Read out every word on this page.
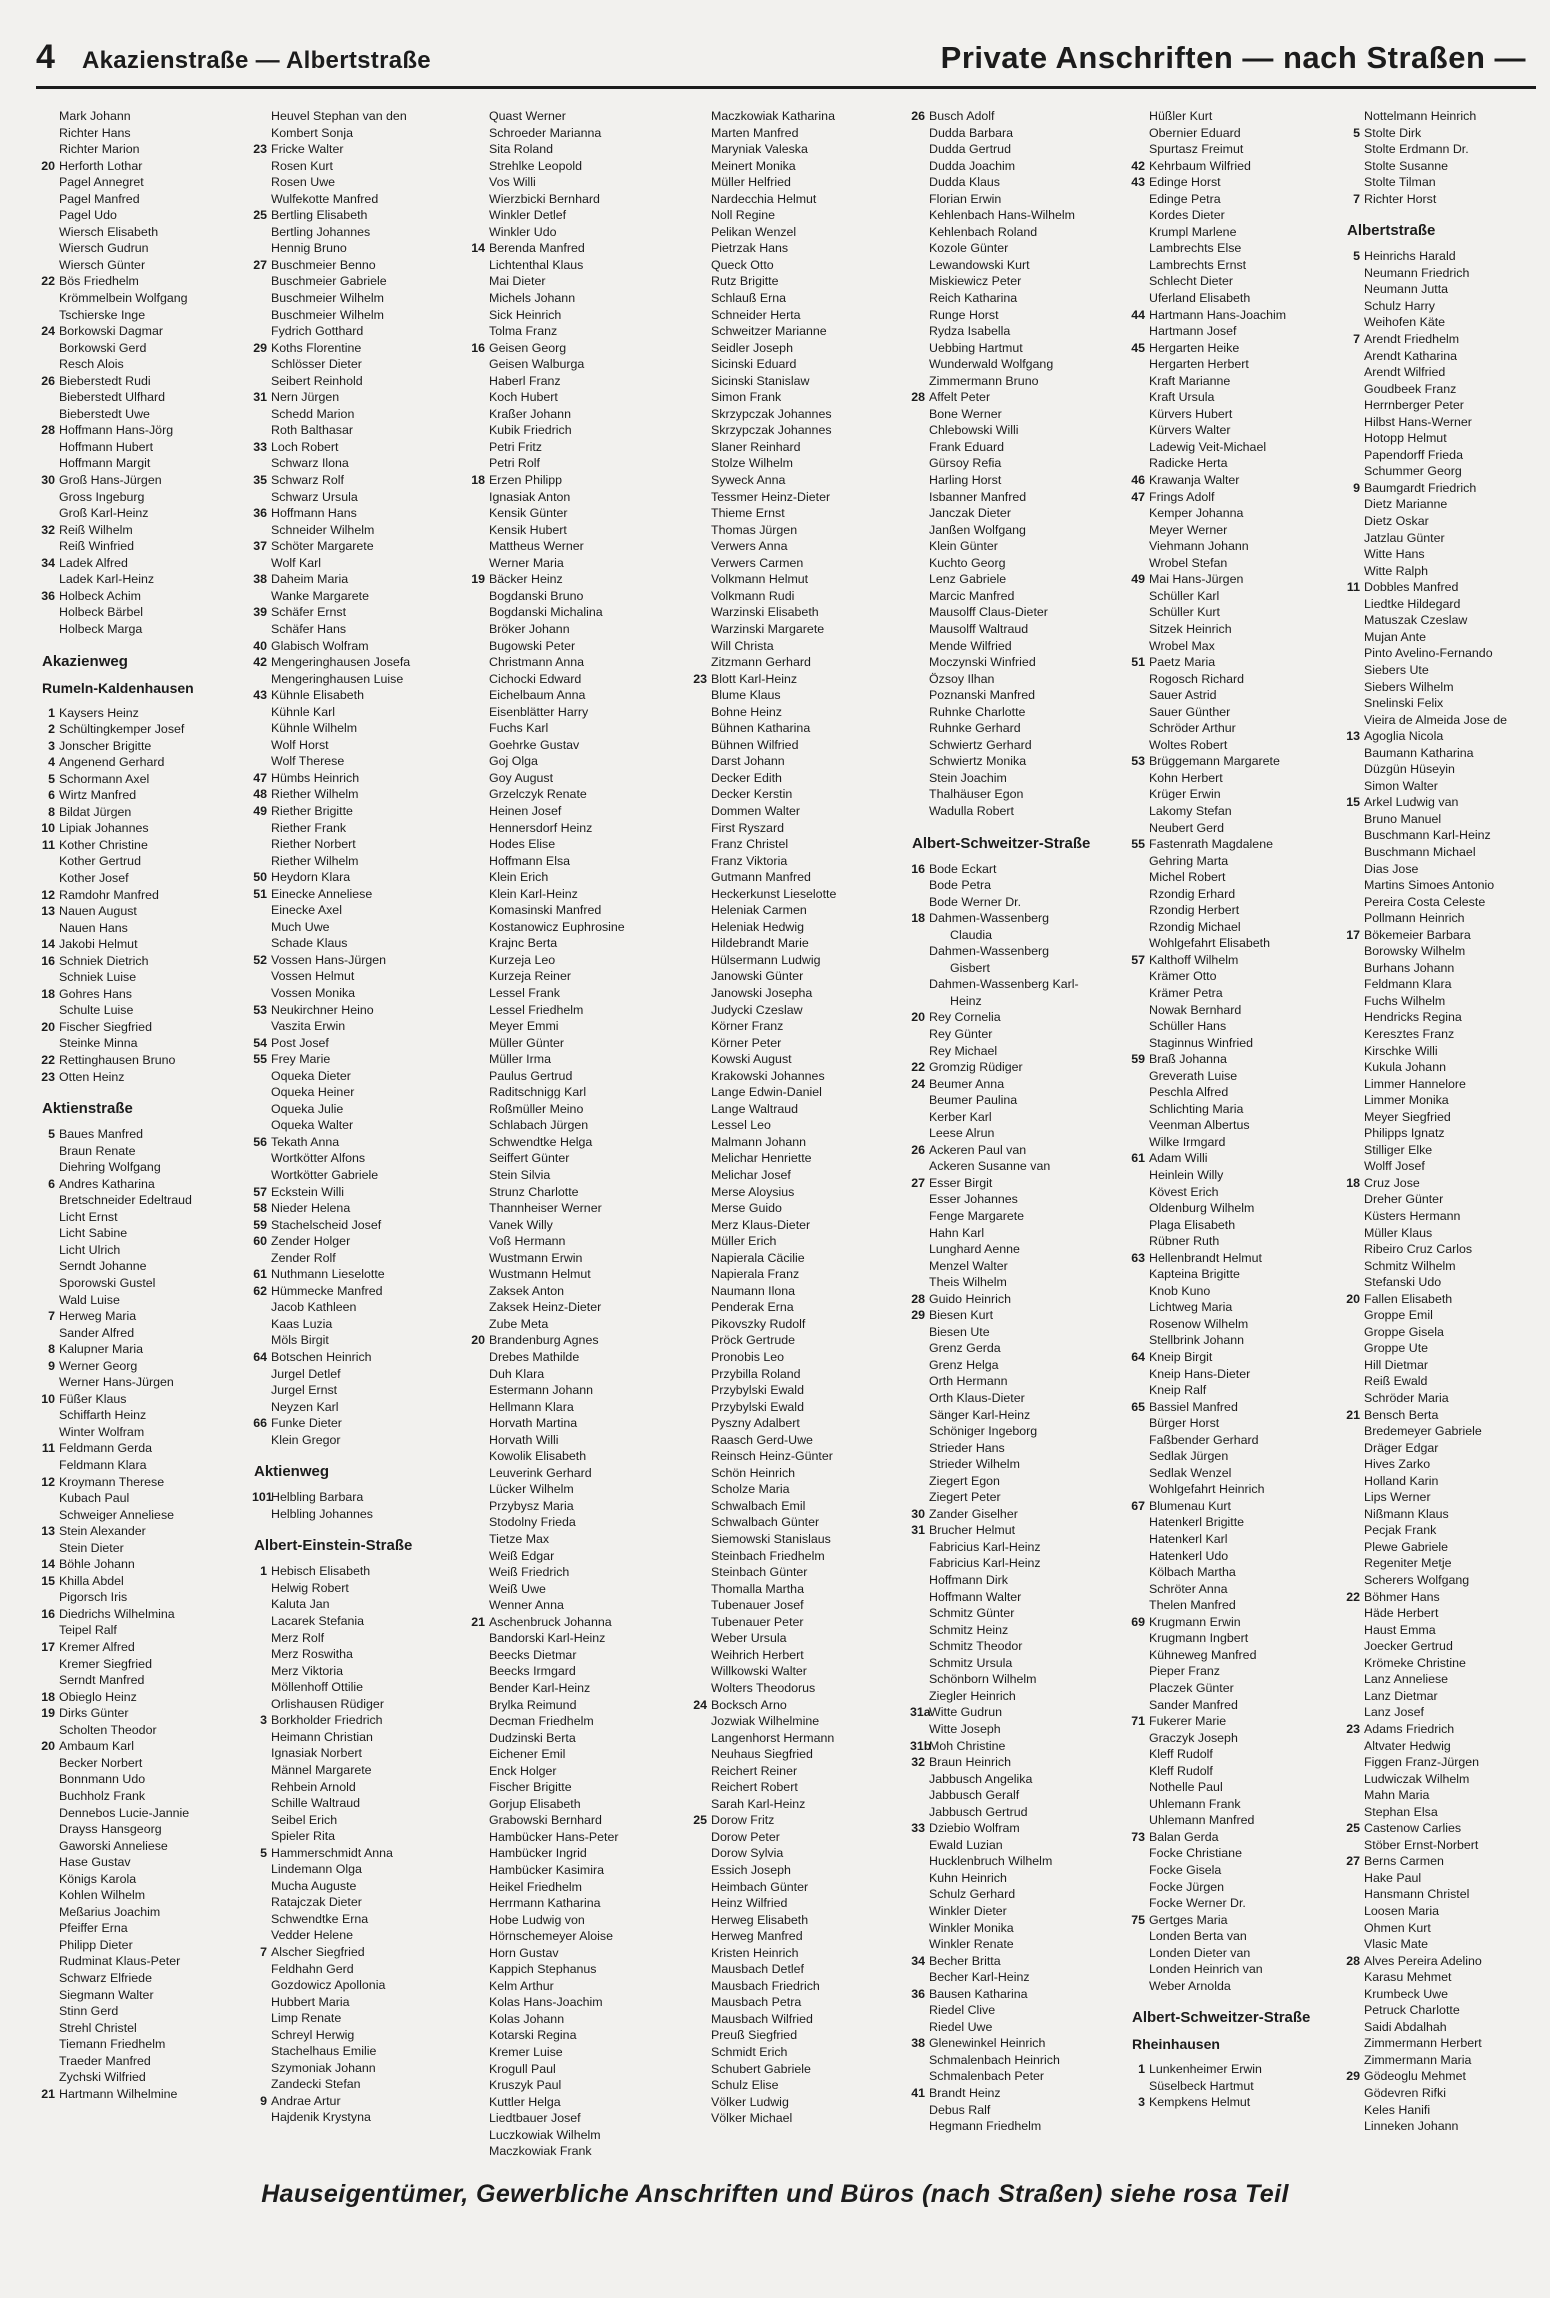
4 Akazienstraße — Albertstraße	Private Anschriften — nach Straßen —
Mark Johann
Richter Hans
Richter Marion
20 Herforth Lothar
Pagel Annegret
Pagel Manfred
Pagel Udo
Wiersch Elisabeth
Wiersch Gudrun
Wiersch Günter
22 Bös Friedhelm
Krömmelbein Wolfgang
Tschierske Inge
24 Borkowski Dagmar
Borkowski Gerd
Resch Alois
26 Bieberstedt Rudi
Bieberstedt Ulfhard
Bieberstedt Uwe
28 Hoffmann Hans-Jörg
Hoffmann Hubert
Hoffmann Margit
30 Groß Hans-Jürgen
Gross Ingeburg
Groß Karl-Heinz
32 Reiß Wilhelm
Reiß Winfried
34 Ladek Alfred
Ladek Karl-Heinz
36 Holbeck Achim
Holbeck Bärbel
Holbeck Marga
Akazienweg
Rumeln-Kaldenhausen
1 Kaysers Heinz
2 Schültingkemper Josef
3 Jonscher Brigitte
4 Angenend Gerhard
5 Schormann Axel
6 Wirtz Manfred
8 Bildat Jürgen
10 Lipiak Johannes
11 Kother Christine
Kother Gertrud
Kother Josef
12 Ramdohr Manfred
13 Nauen August
Nauen Hans
14 Jakobi Helmut
16 Schniek Dietrich
Schniek Luise
18 Gohres Hans
Schulte Luise
20 Fischer Siegfried
Steinke Minna
22 Rettinghausen Bruno
23 Otten Heinz
Aktienstraße
5 Baues Manfred
Braun Renate
Diehring Wolfgang
6 Andres Katharina
Bretschneider Edeltraud
Licht Ernst
Licht Sabine
Licht Ulrich
Serndt Johanne
Sporowski Gustel
Wald Luise
7 Herweg Maria
Sander Alfred
8 Kalupner Maria
9 Werner Georg
Werner Hans-Jürgen
10 Füßer Klaus
Schiffarth Heinz
Winter Wolfram
11 Feldmann Gerda
Feldmann Klara
12 Kroymann Therese
Kubach Paul
Schweiger Anneliese
13 Stein Alexander
Stein Dieter
14 Böhle Johann
15 Khilla Abdel
Pigorsch Iris
16 Diedrichs Wilhelmina
Teipel Ralf
17 Kremer Alfred
Kremer Siegfried
Serndt Manfred
18 Obieglo Heinz
19 Dirks Günter
Scholten Theodor
20 Ambaum Karl
Becker Norbert
Bonnmann Udo
Buchholz Frank
Dennebos Lucie-Jannie
Drayss Hansgeorg
Gaworski Anneliese
Hase Gustav
Königs Karola
Kohlen Wilhelm
Meßarius Joachim
Pfeiffer Erna
Philipp Dieter
Rudminat Klaus-Peter
Schwarz Elfriede
Siegmann Walter
Stinn Gerd
Strehl Christel
Tiemann Friedhelm
Traeder Manfred
Zychski Wilfried
21 Hartmann Wilhelmine
Heuvel Stephan van den
Kombert Sonja
23 Fricke Walter
Rosen Kurt
Rosen Uwe
Wulfekotte Manfred
25 Bertling Elisabeth
Bertling Johannes
Hennig Bruno
27 Buschmeier Benno
Buschmeier Gabriele
Buschmeier Wilhelm
Buschmeier Wilhelm
Fydrich Gotthard
29 Koths Florentine
Schlösser Dieter
Seibert Reinhold
31 Nern Jürgen
Schedd Marion
Roth Balthasar
33 Loch Robert
Schwarz Ilona
35 Schwarz Rolf
Schwarz Ursula
36 Hoffmann Hans
Schneider Wilhelm
37 Schöter Margarete
Wolf Karl
38 Daheim Maria
Wanke Margarete
39 Schäfer Ernst
Schäfer Hans
40 Glabisch Wolfram
42 Mengeringhausen Josefa
Mengeringhausen Luise
43 Kühnle Elisabeth
Kühnle Karl
Kühnle Wilhelm
Wolf Horst
Wolf Therese
47 Hümbs Heinrich
48 Riether Wilhelm
49 Riether Brigitte
Riether Frank
Riether Norbert
Riether Wilhelm
50 Heydorn Klara
51 Einecke Anneliese
Einecke Axel
Much Uwe
Schade Klaus
52 Vossen Hans-Jürgen
Vossen Helmut
Vossen Monika
53 Neukirchner Heino
Vaszita Erwin
54 Post Josef
55 Frey Marie
Oqueka Dieter
Oqueka Heiner
Oqueka Julie
Oqueka Walter
56 Tekath Anna
Wortkötter Alfons
Wortkötter Gabriele
57 Eckstein Willi
58 Nieder Helena
59 Stachelscheid Josef
60 Zender Holger
Zender Rolf
61 Nuthmann Lieselotte
62 Hümmecke Manfred
Jacob Kathleen
Kaas Luzia
Möls Birgit
64 Botschen Heinrich
Jurgel Detlef
Jurgel Ernst
Neyzen Karl
66 Funke Dieter
Klein Gregor
Aktienweg
101
Helbling Barbara
Helbling Johannes
Albert-Einstein-Straße
1 Hebisch Elisabeth
Helwig Robert
Kaluta Jan
Lacarek Stefania
Merz Rolf
Merz Roswitha
Merz Viktoria
Möllenhoff Ottilie
Orlishausen Rüdiger
3 Borkholder Friedrich
Heimann Christian
Ignasiak Norbert
Männel Margarete
Rehbein Arnold
Schille Waltraud
Seibel Erich
Spieler Rita
5 Hammerschmidt Anna
Lindemann Olga
Mucha Auguste
Ratajczak Dieter
Schwendtke Erna
Vedder Helene
7 Alscher Siegfried
Feldhahn Gerd
Gozdowicz Apollonia
Hubbert Maria
Limp Renate
Schreyl Herwig
Stachelhaus Emilie
Szymoniak Johann
Zandecki Stefan
9 Andrae Artur
Hajdenik Krystyna
Quast Werner
Schroeder Marianna
Sita Roland
Strehlke Leopold
Vos Willi
Wierzbicki Bernhard
Winkler Detlef
Winkler Udo
14 Berenda Manfred
Lichtenthal Klaus
Mai Dieter
Michels Johann
Sick Heinrich
Tolma Franz
16 Geisen Georg
Geisen Walburga
Haberl Franz
Koch Hubert
Kraßer Johann
Kubik Friedrich
Petri Fritz
Petri Rolf
18 Erzen Philipp
Ignasiak Anton
Kensik Günter
Kensik Hubert
Mattheus Werner
Werner Maria
19 Bäcker Heinz
Bogdanski Bruno
Bogdanski Michalina
Bröker Johann
Bugowski Peter
Christmann Anna
Cichocki Edward
Eichelbaum Anna
Eisenblätter Harry
Fuchs Karl
Goehrke Gustav
Goj Olga
Goy August
Grzelczyk Renate
Heinen Josef
Hennersdorf Heinz
Hodes Elise
Hoffmann Elsa
Klein Erich
Klein Karl-Heinz
Komasinski Manfred
Kostanowicz Euphrosine
Krajnc Berta
Kurzeja Leo
Kurzeja Reiner
Lessel Frank
Lessel Friedhelm
Meyer Emmi
Müller Günter
Müller Irma
Paulus Gertrud
Raditschnigg Karl
Roßmüller Meino
Schlabach Jürgen
Schwendtke Helga
Seiffert Günter
Stein Silvia
Strunz Charlotte
Thannheiser Werner
Vanek Willy
Voß Hermann
Wustmann Erwin
Wustmann Helmut
Zaksek Anton
Zaksek Heinz-Dieter
Zube Meta
20 Brandenburg Agnes
Drebes Mathilde
Duh Klara
Estermann Johann
Hellmann Klara
Horvath Martina
Horvath Willi
Kowolik Elisabeth
Leuverink Gerhard
Lücker Wilhelm
Przybysz Maria
Stodolny Frieda
Tietze Max
Weiß Edgar
Weiß Friedrich
Weiß Uwe
Wenner Anna
21 Aschenbruck Johanna
Bandorski Karl-Heinz
Beecks Dietmar
Beecks Irmgard
Bender Karl-Heinz
Brylka Reimund
Decman Friedhelm
Dudzinski Berta
Eichener Emil
Enck Holger
Fischer Brigitte
Gorjup Elisabeth
Grabowski Bernhard
Hambücker Hans-Peter
Hambücker Ingrid
Hambücker Kasimira
Heikel Friedhelm
Herrmann Katharina
Hobe Ludwig von
Hörnschemeyer Aloise
Horn Gustav
Kappich Stephanus
Kelm Arthur
Kolas Hans-Joachim
Kolas Johann
Kotarski Regina
Kremer Luise
Krogull Paul
Kruszyk Paul
Kuttler Helga
Liedtbauer Josef
Luczkowiak Wilhelm
Maczkowiak Frank
Maczkowiak Katharina
Marten Manfred
Maryniak Valeska
Meinert Monika
Müller Helfried
Nardecchia Helmut
Noll Regine
Pelikan Wenzel
Pietrzak Hans
Queck Otto
Rutz Brigitte
Schlauß Erna
Schneider Herta
Schweitzer Marianne
Seidler Joseph
Sicinski Eduard
Sicinski Stanislaw
Simon Frank
Skrzypczak Johannes
Skrzypczak Johannes
Slaner Reinhard
Stolze Wilhelm
Syweck Anna
Tessmer Heinz-Dieter
Thieme Ernst
Thomas Jürgen
Verwers Anna
Verwers Carmen
Volkmann Helmut
Volkmann Rudi
Warzinski Elisabeth
Warzinski Margarete
Will Christa
Zitzmann Gerhard
23 Blott Karl-Heinz
Blume Klaus
Bohne Heinz
Bühnen Katharina
Bühnen Wilfried
Darst Johann
Decker Edith
Decker Kerstin
Dommen Walter
First Ryszard
Franz Christel
Franz Viktoria
Gutmann Manfred
Heckerkunst Lieselotte
Heleniak Carmen
Heleniak Hedwig
Hildebrandt Marie
Hülsermann Ludwig
Janowski Günter
Janowski Josepha
Judycki Czeslaw
Körner Franz
Körner Peter
Kowski August
Krakowski Johannes
Lange Edwin-Daniel
Lange Waltraud
Lessel Leo
Malmann Johann
Melichar Henriette
Melichar Josef
Merse Aloysius
Merse Guido
Merz Klaus-Dieter
Müller Erich
Napierala Cäcilie
Napierala Franz
Naumann Ilona
Penderak Erna
Pikovszky Rudolf
Pröck Gertrude
Pronobis Leo
Przybilla Roland
Przybylski Ewald
Przybylski Ewald
Pyszny Adalbert
Raasch Gerd-Uwe
Reinsch Heinz-Günter
Schön Heinrich
Scholze Maria
Schwalbach Emil
Schwalbach Günter
Siemowski Stanislaus
Steinbach Friedhelm
Steinbach Günter
Thomalla Martha
Tubenauer Josef
Tubenauer Peter
Weber Ursula
Weihrich Herbert
Willkowski Walter
Wolters Theodorus
24 Bocksch Arno
Jozwiak Wilhelmine
Langenhorst Hermann
Neuhaus Siegfried
Reichert Reiner
Reichert Robert
Sarah Karl-Heinz
25 Dorow Fritz
Dorow Peter
Dorow Sylvia
Essich Joseph
Heimbach Günter
Heinz Wilfried
Herweg Elisabeth
Herweg Manfred
Kristen Heinrich
Mausbach Detlef
Mausbach Friedrich
Mausbach Petra
Mausbach Wilfried
Preuß Siegfried
Schmidt Erich
Schubert Gabriele
Schulz Elise
Völker Ludwig
Völker Michael
26 Busch Adolf
Dudda Barbara
Dudda Gertrud
Dudda Joachim
Dudda Klaus
Florian Erwin
Kehlenbach Hans-Wilhelm
Kehlenbach Roland
Kozole Günter
Lewandowski Kurt
Miskiewicz Peter
Reich Katharina
Runge Horst
Rydza Isabella
Uebbing Hartmut
Wunderwald Wolfgang
Zimmermann Bruno
28 Affelt Peter
Bone Werner
Chlebowski Willi
Frank Eduard
Gürsoy Refia
Harling Horst
Isbanner Manfred
Janczak Dieter
Janßen Wolfgang
Klein Günter
Kuchto Georg
Lenz Gabriele
Marcic Manfred
Mausolff Claus-Dieter
Mausolff Waltraud
Mende Wilfried
Moczynski Winfried
Özsoy Ilhan
Poznanski Manfred
Ruhnke Charlotte
Ruhnke Gerhard
Schwiertz Gerhard
Schwiertz Monika
Stein Joachim
Thalhäuser Egon
Wadulla Robert
Albert-Schweitzer-Straße
16 Bode Eckart
Bode Petra
Bode Werner Dr.
18 Dahmen-Wassenberg
Claudia
Dahmen-Wassenberg
Gisbert
Dahmen-Wassenberg Karl-
Heinz
20 Rey Cornelia
Rey Günter
Rey Michael
22 Gromzig Rüdiger
24 Beumer Anna
Beumer Paulina
Kerber Karl
Leese Alrun
26 Ackeren Paul van
Ackeren Susanne van
27 Esser Birgit
Esser Johannes
Fenge Margarete
Hahn Karl
Lunghard Aenne
Menzel Walter
Theis Wilhelm
28 Guido Heinrich
29 Biesen Kurt
Biesen Ute
Grenz Gerda
Grenz Helga
Orth Hermann
Orth Klaus-Dieter
Sänger Karl-Heinz
Schöniger Ingeborg
Strieder Hans
Strieder Wilhelm
Ziegert Egon
Ziegert Peter
30 Zander Giselher
31 Brucher Helmut
Fabricius Karl-Heinz
Fabricius Karl-Heinz
Hoffmann Dirk
Hoffmann Walter
Schmitz Günter
Schmitz Heinz
Schmitz Theodor
Schmitz Ursula
Schönborn Wilhelm
Ziegler Heinrich
31a
Witte Gudrun
Witte Joseph
31b
Moh Christine
32 Braun Heinrich
Jabbusch Angelika
Jabbusch Geralf
Jabbusch Gertrud
33 Dziebio Wolfram
Ewald Luzian
Hucklenbruch Wilhelm
Kuhn Heinrich
Schulz Gerhard
Winkler Dieter
Winkler Monika
Winkler Renate
34 Becher Britta
Becher Karl-Heinz
36 Bausen Katharina
Riedel Clive
Riedel Uwe
38 Glenewinkel Heinrich
Schmalenbach Heinrich
Schmalenbach Peter
41 Brandt Heinz
Debus Ralf
Hegmann Friedhelm
Hüßler Kurt
Obernier Eduard
Spurtasz Freimut
42 Kehrbaum Wilfried
43 Edinge Horst
Edinge Petra
Kordes Dieter
Krumpl Marlene
Lambrechts Else
Lambrechts Ernst
Schlecht Dieter
Uferland Elisabeth
44 Hartmann Hans-Joachim
Hartmann Josef
45 Hergarten Heike
Hergarten Herbert
Kraft Marianne
Kraft Ursula
Kürvers Hubert
Kürvers Walter
Ladewig Veit-Michael
Radicke Herta
46 Krawanja Walter
47 Frings Adolf
Kemper Johanna
Meyer Werner
Viehmann Johann
Wrobel Stefan
49 Mai Hans-Jürgen
Schüller Karl
Schüller Kurt
Sitzek Heinrich
Wrobel Max
51 Paetz Maria
Rogosch Richard
Sauer Astrid
Sauer Günther
Schröder Arthur
Woltes Robert
53 Brüggemann Margarete
Kohn Herbert
Krüger Erwin
Lakomy Stefan
Neubert Gerd
55 Fastenrath Magdalene
Gehring Marta
Michel Robert
Rzondig Erhard
Rzondig Herbert
Rzondig Michael
Wohlgefahrt Elisabeth
57 Kalthoff Wilhelm
Krämer Otto
Krämer Petra
Nowak Bernhard
Schüller Hans
Staginnus Winfried
59 Braß Johanna
Greverath Luise
Peschla Alfred
Schlichting Maria
Veenman Albertus
Wilke Irmgard
61 Adam Willi
Heinlein Willy
Kövest Erich
Oldenburg Wilhelm
Plaga Elisabeth
Rübner Ruth
63 Hellenbrandt Helmut
Kapteina Brigitte
Knob Kuno
Lichtweg Maria
Rosenow Wilhelm
Stellbrink Johann
64 Kneip Birgit
Kneip Hans-Dieter
Kneip Ralf
65 Bassiel Manfred
Bürger Horst
Faßbender Gerhard
Sedlak Jürgen
Sedlak Wenzel
Wohlgefahrt Heinrich
67 Blumenau Kurt
Hatenkerl Brigitte
Hatenkerl Karl
Hatenkerl Udo
Kölbach Martha
Schröter Anna
Thelen Manfred
69 Krugmann Erwin
Krugmann Ingbert
Kühneweg Manfred
Pieper Franz
Placzek Günter
Sander Manfred
71 Fukerer Marie
Graczyk Joseph
Kleff Rudolf
Kleff Rudolf
Nothelle Paul
Uhlemann Frank
Uhlemann Manfred
73 Balan Gerda
Focke Christiane
Focke Gisela
Focke Jürgen
Focke Werner Dr.
75 Gertges Maria
Londen Berta van
Londen Dieter van
Londen Heinrich van
Weber Arnolda
Albert-Schweitzer-Straße
Rheinhausen
1 Lunkenheimer Erwin
Süselbeck Hartmut
3 Kempkens Helmut
Nottelmann Heinrich
5 Stolte Dirk
Stolte Erdmann Dr.
Stolte Susanne
Stolte Tilman
7 Richter Horst
Albertstraße
5 Heinrichs Harald
Neumann Friedrich
Neumann Jutta
Schulz Harry
Weihofen Käte
7 Arendt Friedhelm
Arendt Katharina
Arendt Wilfried
Goudbeek Franz
Herrnberger Peter
Hilbst Hans-Werner
Hotopp Helmut
Papendorff Frieda
Schummer Georg
9 Baumgardt Friedrich
Dietz Marianne
Dietz Oskar
Jatzlau Günter
Witte Hans
Witte Ralph
11 Dobbles Manfred
Liedtke Hildegard
Matuszak Czeslaw
Mujan Ante
Pinto Avelino-Fernando
Siebers Ute
Siebers Wilhelm
Snelinski Felix
Vieira de Almeida Jose de
13 Agoglia Nicola
Baumann Katharina
Düzgün Hüseyin
Simon Walter
15 Arkel Ludwig van
Bruno Manuel
Buschmann Karl-Heinz
Buschmann Michael
Dias Jose
Martins Simoes Antonio
Pereira Costa Celeste
Pollmann Heinrich
17 Bökemeier Barbara
Borowsky Wilhelm
Burhans Johann
Feldmann Klara
Fuchs Wilhelm
Hendricks Regina
Keresztes Franz
Kirschke Willi
Kukula Johann
Limmer Hannelore
Limmer Monika
Meyer Siegfried
Philipps Ignatz
Stilliger Elke
Wolff Josef
18 Cruz Jose
Dreher Günter
Küsters Hermann
Müller Klaus
Ribeiro Cruz Carlos
Schmitz Wilhelm
Stefanski Udo
20 Fallen Elisabeth
Groppe Emil
Groppe Gisela
Groppe Ute
Hill Dietmar
Reiß Ewald
Schröder Maria
21 Bensch Berta
Bredemeyer Gabriele
Dräger Edgar
Hives Zarko
Holland Karin
Lips Werner
Nißmann Klaus
Pecjak Frank
Plewe Gabriele
Regeniter Metje
Scherers Wolfgang
22 Böhmer Hans
Häde Herbert
Haust Emma
Joecker Gertrud
Krömeke Christine
Lanz Anneliese
Lanz Dietmar
Lanz Josef
23 Adams Friedrich
Altvater Hedwig
Figgen Franz-Jürgen
Ludwiczak Wilhelm
Mahn Maria
Stephan Elsa
25 Castenow Carlies
Stöber Ernst-Norbert
27 Berns Carmen
Hake Paul
Hansmann Christel
Loosen Maria
Ohmen Kurt
Vlasic Mate
28 Alves Pereira Adelino
Karasu Mehmet
Krumbeck Uwe
Petruck Charlotte
Saidi Abdalhah
Zimmermann Herbert
Zimmermann Maria
29 Gödeoglu Mehmet
Gödevren Rifki
Keles Hanifi
Linneken Johann
Hauseigentümer, Gewerbliche Anschriften und Büros (nach Straßen) siehe rosa Teil
